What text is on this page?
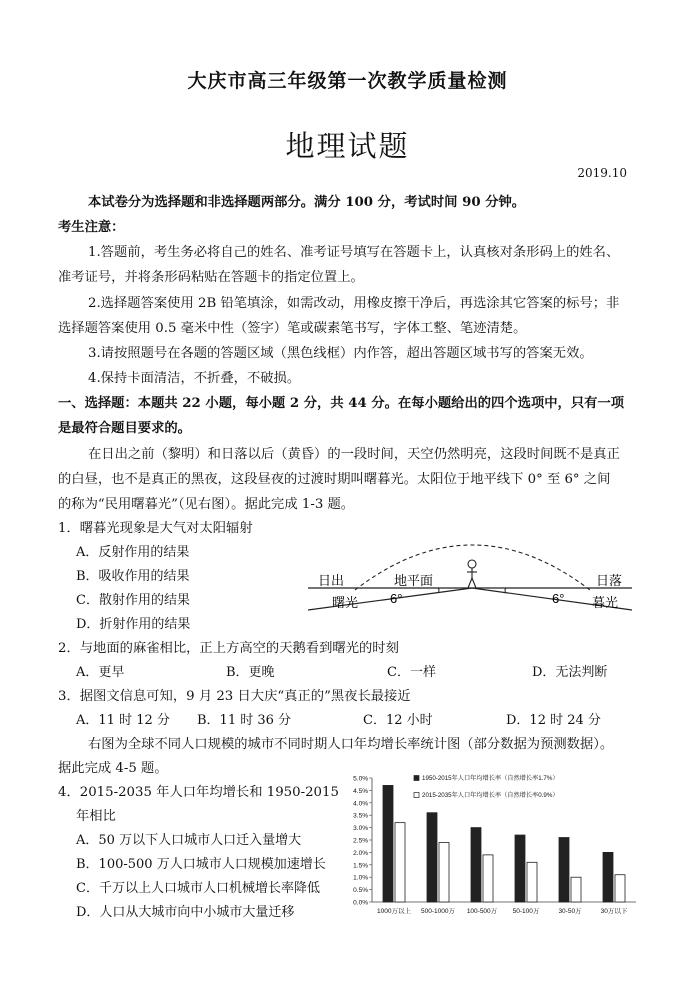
大庆市高三年级第一次教学质量检测
地理试题
2019.10
本试卷分为选择题和非选择题两部分。满分 100 分，考试时间 90 分钟。
考生注意：
1.答题前，考生务必将自己的姓名、准考证号填写在答题卡上，认真核对条形码上的姓名、
准考证号，并将条形码粘贴在答题卡的指定位置上。
2.选择题答案使用 2B 铅笔填涂，如需改动，用橡皮擦干净后，再选涂其它答案的标号；非
选择题答案使用 0.5 毫米中性（签字）笔或碳素笔书写，字体工整、笔迹清楚。
3.请按照题号在各题的答题区域（黑色线框）内作答，超出答题区域书写的答案无效。
4.保持卡面清洁，不折叠，不破损。
一、选择题：本题共 22 小题，每小题 2 分，共 44 分。在每小题给出的四个选项中，只有一项
是最符合题目要求的。
在日出之前（黎明）和日落以后（黄昏）的一段时间，天空仍然明亮，这段时间既不是真正
的白昼，也不是真正的黑夜，这段昼夜的过渡时期叫曙暮光。太阳位于地平线下 0° 至 6° 之间
的称为“民用曙暮光”（见右图）。据此完成 1-3 题。
1．曙暮光现象是大气对太阳辐射
A．反射作用的结果
B．吸收作用的结果
C．散射作用的结果
D．折射作用的结果
日出	地平面	日落
曙光	暮光
6°	6°
2．与地面的麻雀相比，正上方高空的天鹅看到曙光的时刻
A．更早	B．更晚	C．一样	D．无法判断
3．据图文信息可知，9 月 23 日大庆“真正的”黑夜长最接近
A．11 时 12 分 B．11 时 36 分	C．12 小时	D．12 时 24 分
右图为全球不同人口规模的城市不同时期人口年均增长率统计图（部分数据为预测数据）。
据此完成 4-5 题。
4．2015-2035 年人口年均增长和 1950-2015
年相比
A．50 万以下人口城市人口迁入量增大
B．100-500 万人口城市人口规模加速增长
C．千万以上人口城市人口机械增长率降低
D．人口从大城市向中小城市大量迁移
0.0%
0.5%
1.0%
1.5%
2.0%
2.5%
3.0%
3.5%
4.0%
4.5%
5.0%
1000万以上 500-1000万 100-500万 50-100万	30-50万	30万以下
1950-2015年人口年均增长率（自然增长率1.7%）
2015-2035年人口年均增长率（自然增长率0.9%）
